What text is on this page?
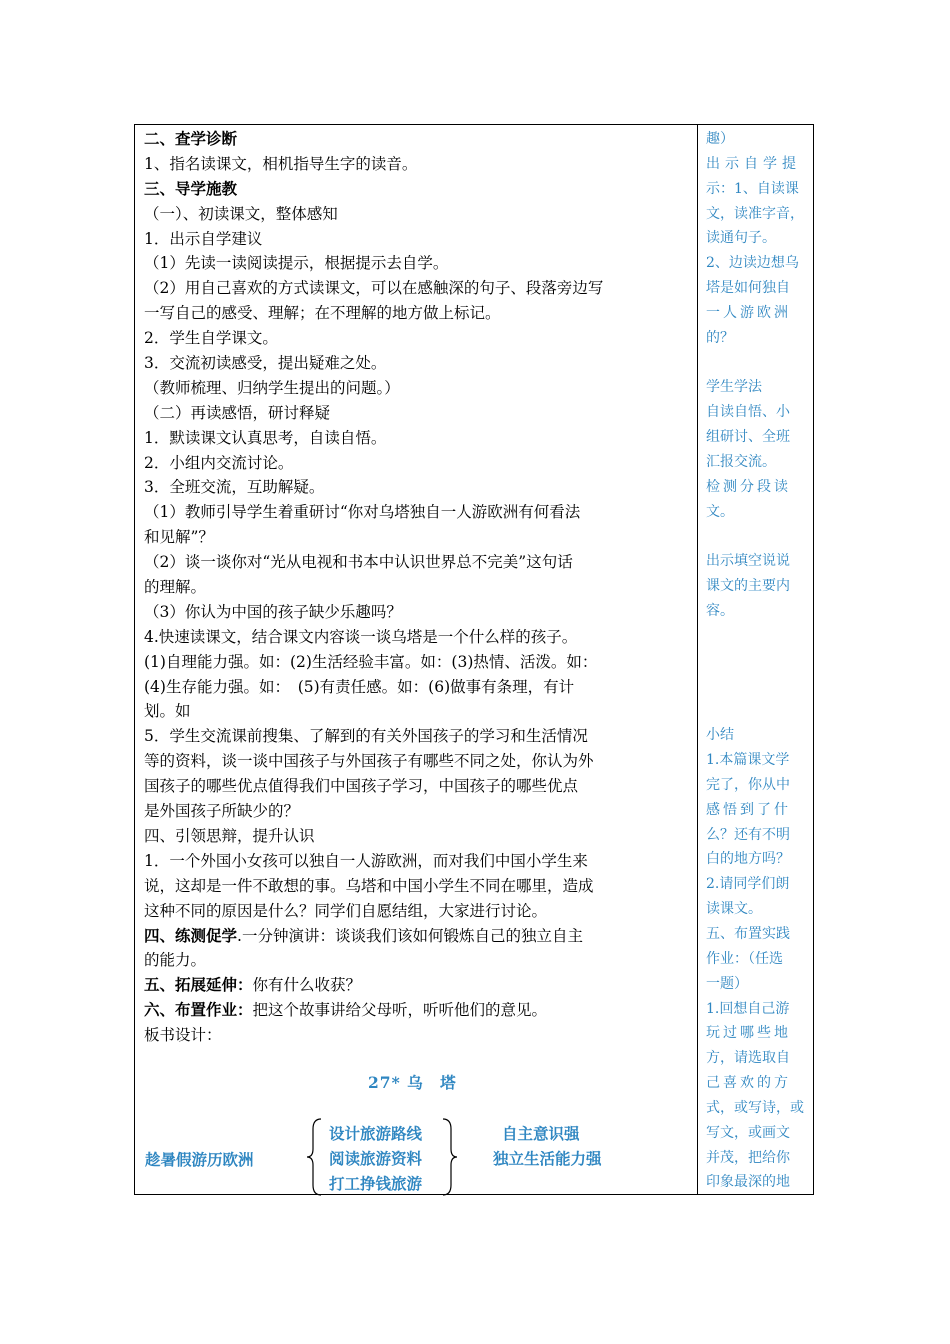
二、查学诊断
1、指名读课文，相机指导生字的读音。
三、导学施教
（一）、初读课文，整体感知
1．出示自学建议
（1）先读一读阅读提示，根据提示去自学。
（2）用自己喜欢的方式读课文，可以在感触深的句子、段落旁边写
一写自己的感受、理解；在不理解的地方做上标记。
2．学生自学课文。
3．交流初读感受，提出疑难之处。
（教师梳理、归纳学生提出的问题。）
（二）再读感悟，研讨释疑
1．默读课文认真思考，自读自悟。
2．小组内交流讨论。
3．全班交流，互助解疑。
（1）教师引导学生着重研讨“你对乌塔独自一人游欧洲有何看法
和见解”？
（2）谈一谈你对“光从电视和书本中认识世界总不完美”这句话
的理解。
（3）你认为中国的孩子缺少乐趣吗？
4.快速读课文，结合课文内容谈一谈乌塔是一个什么样的孩子。
(1)自理能力强。如：(2)生活经验丰富。如：(3)热情、活泼。如：
(4)生存能力强。如：　(5)有责任感。如：(6)做事有条理，有计
划。如
5．学生交流课前搜集、了解到的有关外国孩子的学习和生活情况
等的资料，谈一谈中国孩子与外国孩子有哪些不同之处，你认为外
国孩子的哪些优点值得我们中国孩子学习，中国孩子的哪些优点
是外国孩子所缺少的？
四、引领思辩，提升认识
1．一个外国小女孩可以独自一人游欧洲，而对我们中国小学生来
说，这却是一件不敢想的事。乌塔和中国小学生不同在哪里，造成
这种不同的原因是什么？同学们自愿结组，大家进行讨论。
四、练测促学.一分钟演讲：谈谈我们该如何锻炼自己的独立自主
的能力。
五、拓展延伸：你有什么收获？
六、布置作业：把这个故事讲给父母听，听听他们的意见。
板书设计：
27* 乌　塔
趁暑假游历欧洲
设计旅游路线
阅读旅游资料
打工挣钱旅游
自主意识强
独立生活能力强
趣）
出示自学提
示：1、自读课
文，读准字音，
读通句子。
2、边读边想乌
塔是如何独自
一人游欧洲
的？
学生学法
自读自悟、小
组研讨、全班
汇报交流。
检测分段读
文。
出示填空说说
课文的主要内
容。
小结
1.本篇课文学
完了，你从中
感悟到了什
么？还有不明
白的地方吗？
2.请同学们朗
读课文。
五、布置实践
作业：（任选
一题）
1.回想自己游
玩过哪些地
方，请选取自
己喜欢的方
式，或写诗，或
写文，或画文
并茂，把给你
印象最深的地
